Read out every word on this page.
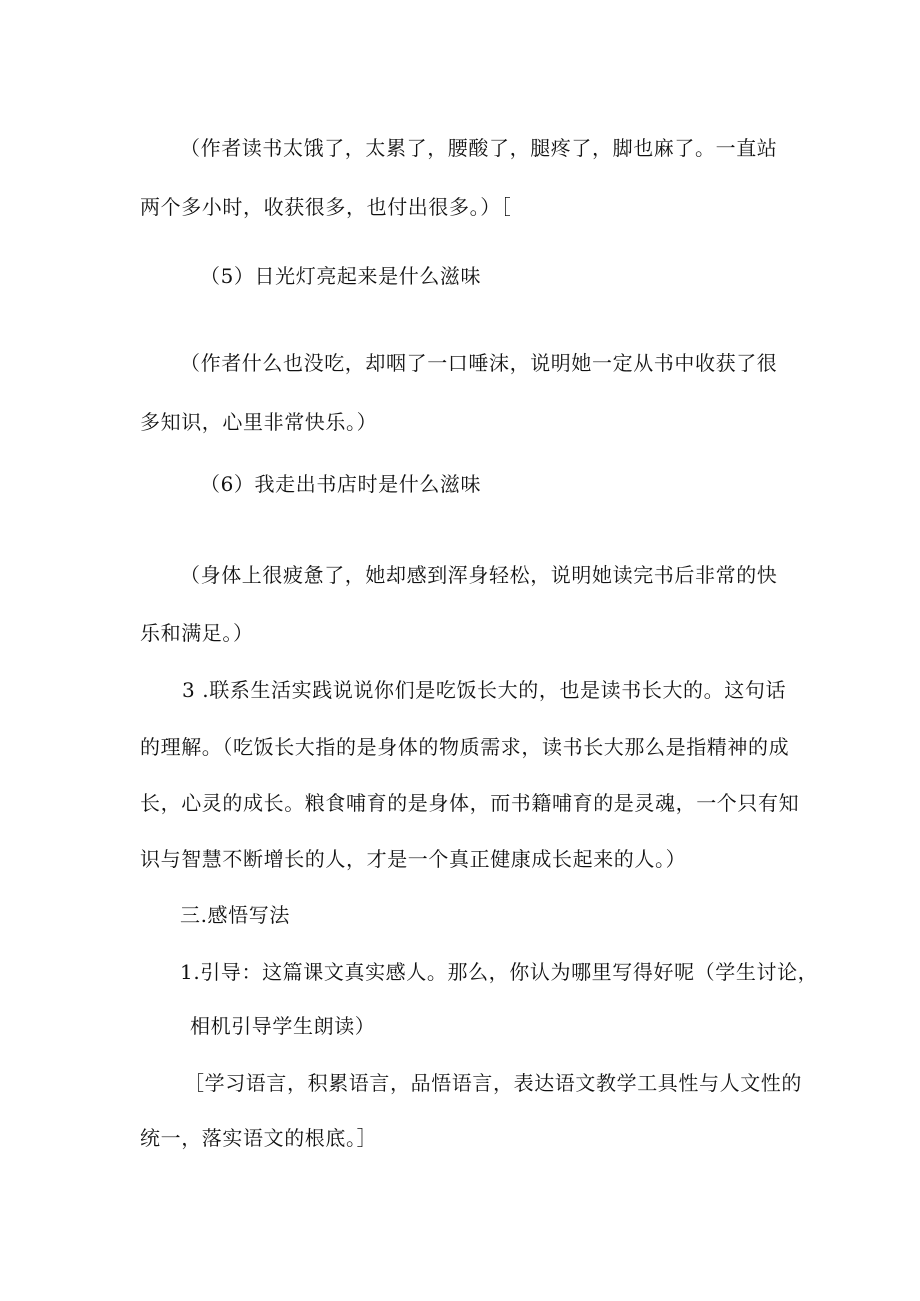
（作者读书太饿了，太累了，腰酸了，腿疼了，脚也麻了。一直站
两个多小时，收获很多，也付出很多。）［
（5）日光灯亮起来是什么滋味
（作者什么也没吃，却咽了一口唾沫，说明她一定从书中收获了很
多知识，心里非常快乐。）
（6）我走出书店时是什么滋味
（身体上很疲惫了，她却感到浑身轻松，说明她读完书后非常的快
乐和满足。）
3 .联系生活实践说说你们是吃饭长大的，也是读书长大的。这句话
的理解。（吃饭长大指的是身体的物质需求，读书长大那么是指精神的成
长，心灵的成长。粮食哺育的是身体，而书籍哺育的是灵魂，一个只有知
识与智慧不断增长的人，才是一个真正健康成长起来的人。）
三.感悟写法
1.引导：这篇课文真实感人。那么，你认为哪里写得好呢（学生讨论，
相机引导学生朗读）
［学习语言，积累语言，品悟语言，表达语文教学工具性与人文性的
统一，落实语文的根底。］
